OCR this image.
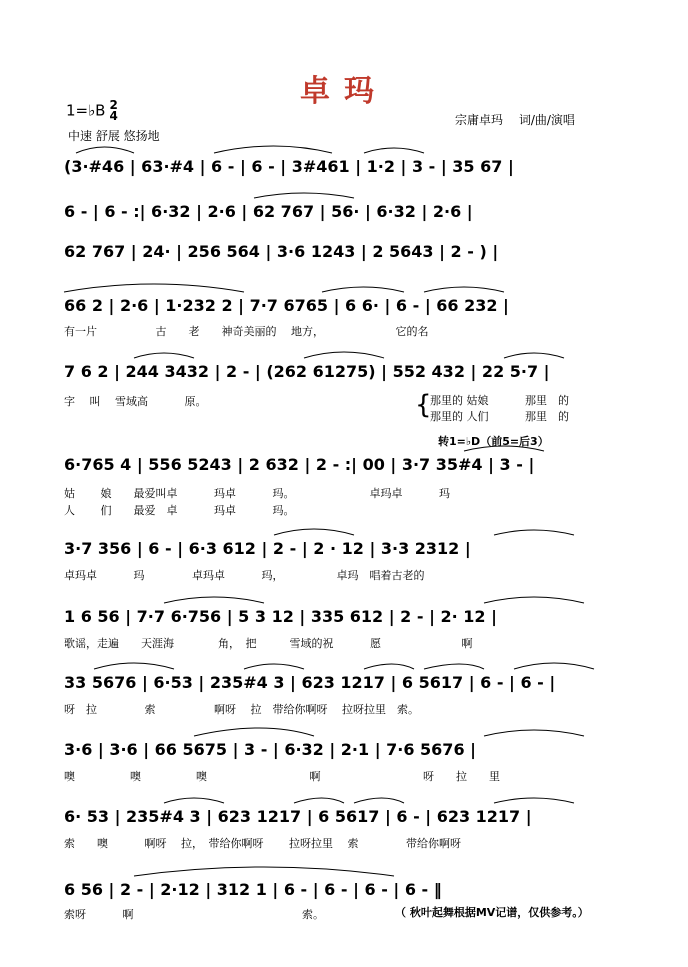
卓玛
1=♭B 2
4
中速 舒展 悠扬地
宗庸卓玛　 词/曲/演唱
(3·#46 | 63·#4 | 6 - | 6 - | 3#461 | 1·2 | 3 - | 35 67 |
6 - | 6 - :| 6·32 | 2·6 | 62 767 | 56· | 6·32 | 2·6 |
62 767 | 24· | 256 564 | 3·6 1243 | 2 5643 | 2 - ) |
66 2 | 2·6 | 1·232 2 | 7·7 6765 | 6 6· | 6 - | 66 232 |
有一片　　　　　 古　　老　　神奇美丽的　 地方，　　　　　　　它的名
7 6 2 | 244 3432 | 2 - | (262 61275) | 552 432 | 22 5·7 |
字　 叫　 雪域高　　　 原。	{
那里的 姑娘　　　 那里　的
那里的 人们　　　 那里　的
转1=♭D（前5=后3）
6·765 4 | 556 5243 | 2 632 | 2 - :| 00 | 3·7 35#4 | 3 - |
姑　　 娘　　最爱叫卓　　　 玛卓　　　 玛。　　　　　　　 卓玛卓　　　 玛
人　　 们　　最爱　卓　　　 玛卓　　　 玛。
3·7 356 | 6 - | 6·3 612 | 2 - | 2 · 12 | 3·3 2312 |
卓玛卓　　　 玛　　　　 卓玛卓　　　 玛，　　　　　 卓玛　唱着古老的
1 6 56 | 7·7 6·756 | 5 3 12 | 335 612 | 2 - | 2· 12 |
歌谣，走遍　　天涯海　　　　角，　把　　　雪域的祝　　　 愿　　　　　　　 啊
33 5676 | 6·53 | 235#4 3 | 623 1217 | 6 5617 | 6 - | 6 - |
呀　拉　　　　 索　　　　　 啊呀　 拉　带给你啊呀　 拉呀拉里　索。
3·6 | 3·6 | 66 5675 | 3 - | 6·32 | 2·1 | 7·6 5676 |
噢　　　　　噢　　　　　噢　　　　　　　　　 啊　　　　　　　　　 呀　　拉　　里
6· 53 | 235#4 3 | 623 1217 | 6 5617 | 6 - | 623 1217 |
索　　噢　　　 啊呀　 拉，　带给你啊呀　　 拉呀拉里　 索　　　　 带给你啊呀
6 56 | 2 - | 2·12 | 312 1 | 6 - | 6 - | 6 - | 6 - ‖
索呀　　　 啊　　　　　　　　　　　　　　　 索。	（ 秋叶起舞根据MV记谱，仅供参考。）
